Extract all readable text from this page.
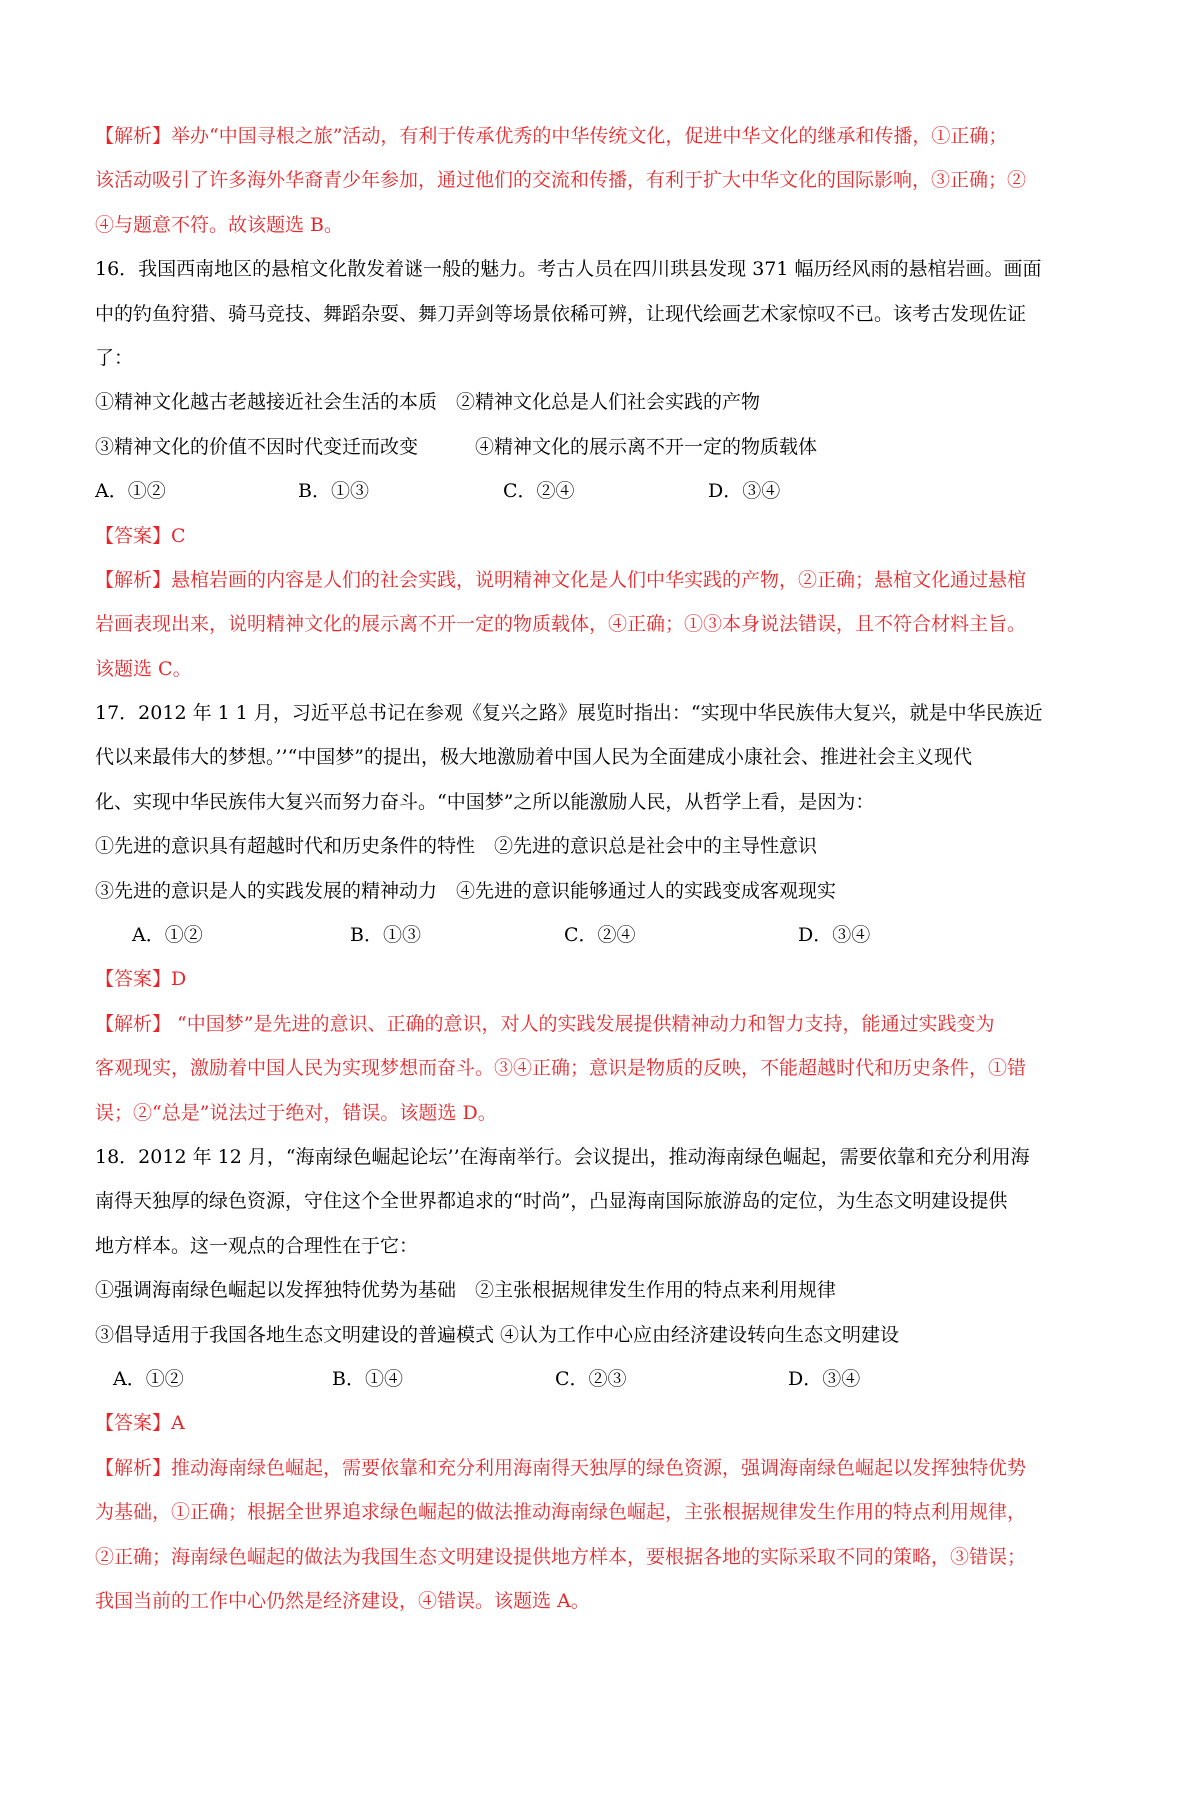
【解析】举办“中国寻根之旅”活动，有利于传承优秀的中华传统文化，促进中华文化的继承和传播，①正确；
该活动吸引了许多海外华裔青少年参加，通过他们的交流和传播，有利于扩大中华文化的国际影响，③正确；②
④与题意不符。故该题选 B。
16．我国西南地区的悬棺文化散发着谜一般的魅力。考古人员在四川珙县发现 371 幅历经风雨的悬棺岩画。画面
中的钓鱼狩猎、骑马竞技、舞蹈杂耍、舞刀弄剑等场景依稀可辨，让现代绘画艺术家惊叹不已。该考古发现佐证
了：
①精神文化越古老越接近社会生活的本质　②精神文化总是人们社会实践的产物
③精神文化的价值不因时代变迁而改变　　　④精神文化的展示离不开一定的物质载体
A．①②	B．①③	C．②④	D．③④
【答案】C
【解析】悬棺岩画的内容是人们的社会实践，说明精神文化是人们中华实践的产物，②正确；悬棺文化通过悬棺
岩画表现出来，说明精神文化的展示离不开一定的物质载体，④正确；①③本身说法错误，且不符合材料主旨。
该题选 C。
17．2012 年 1 1 月，习近平总书记在参观《复兴之路》展览时指出：“实现中华民族伟大复兴，就是中华民族近
代以来最伟大的梦想。’’“中国梦”的提出，极大地激励着中国人民为全面建成小康社会、推进社会主义现代
化、实现中华民族伟大复兴而努力奋斗。“中国梦”之所以能激励人民，从哲学上看，是因为：
①先进的意识具有超越时代和历史条件的特性　②先进的意识总是社会中的主导性意识
③先进的意识是人的实践发展的精神动力　④先进的意识能够通过人的实践变成客观现实
A．①②	B．①③	C．②④	D．③④
【答案】D
【解析】 “中国梦”是先进的意识、正确的意识，对人的实践发展提供精神动力和智力支持，能通过实践变为
客观现实，激励着中国人民为实现梦想而奋斗。③④正确；意识是物质的反映，不能超越时代和历史条件，①错
误；②“总是”说法过于绝对，错误。该题选 D。
18．2012 年 12 月，“海南绿色崛起论坛’’在海南举行。会议提出，推动海南绿色崛起，需要依靠和充分利用海
南得天独厚的绿色资源，守住这个全世界都追求的“时尚”，凸显海南国际旅游岛的定位，为生态文明建设提供
地方样本。这一观点的合理性在于它：
①强调海南绿色崛起以发挥独特优势为基础　②主张根据规律发生作用的特点来利用规律
③倡导适用于我国各地生态文明建设的普遍模式 ④认为工作中心应由经济建设转向生态文明建设
A．①②	B．①④	C．②③	D．③④
【答案】A
【解析】推动海南绿色崛起，需要依靠和充分利用海南得天独厚的绿色资源，强调海南绿色崛起以发挥独特优势
为基础，①正确；根据全世界追求绿色崛起的做法推动海南绿色崛起，主张根据规律发生作用的特点利用规律，
②正确；海南绿色崛起的做法为我国生态文明建设提供地方样本，要根据各地的实际采取不同的策略，③错误；
我国当前的工作中心仍然是经济建设，④错误。该题选 A。
